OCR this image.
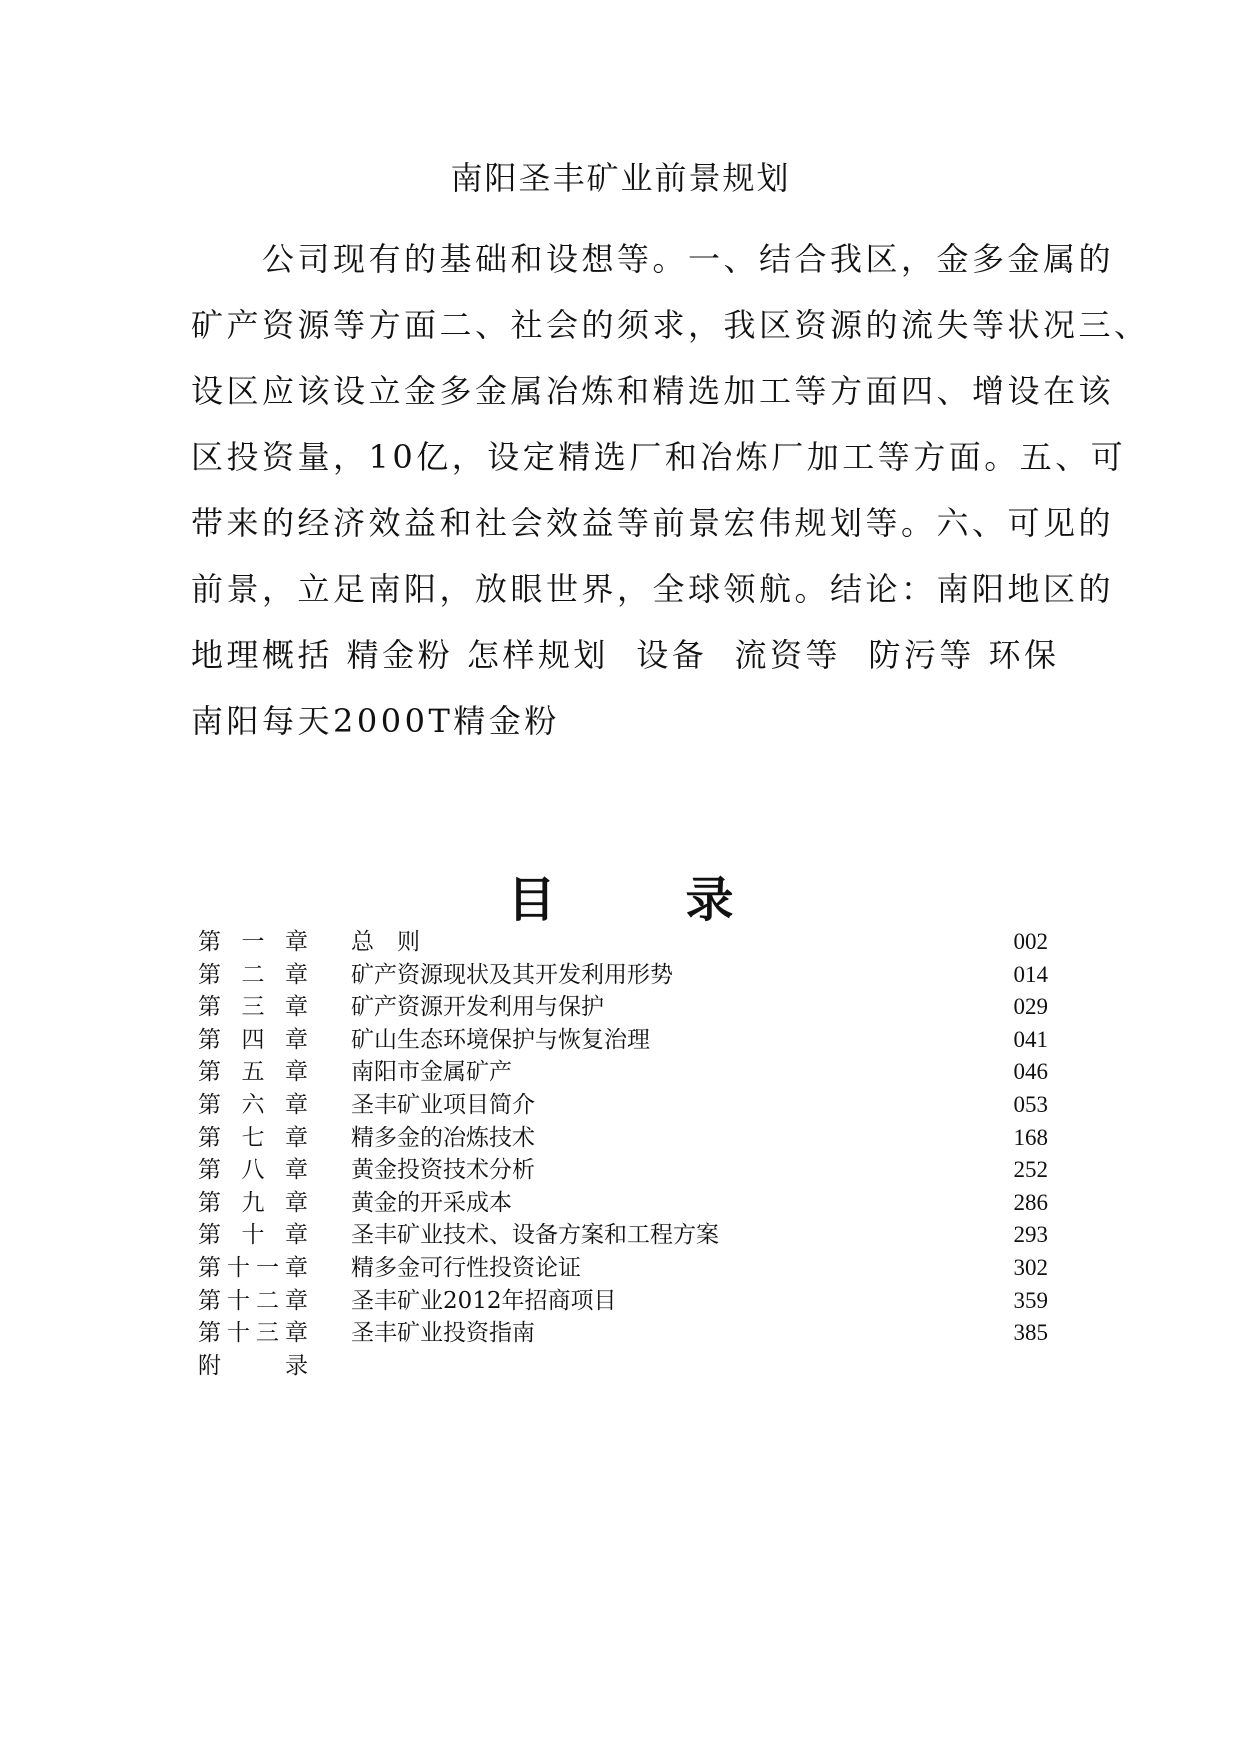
南阳圣丰矿业前景规划
　　公司现有的基础和设想等。一、结合我区，金多金属的
矿产资源等方面二、社会的须求，我区资源的流失等状况三、
设区应该设立金多金属冶炼和精选加工等方面四、增设在该
区投资量，10亿，设定精选厂和冶炼厂加工等方面。五、可
带来的经济效益和社会效益等前景宏伟规划等。六、可见的
前景，立足南阳，放眼世界，全球领航。结论：南阳地区的
地理概括 精金粉 怎样规划  设备  流资等  防污等 环保
南阳每天2000T精金粉
目	录
第一章 总　则	002
第二章 矿产资源现状及其开发利用形势	014
第三章 矿产资源开发利用与保护	029
第四章 矿山生态环境保护与恢复治理	041
第五章 南阳市金属矿产	046
第六章 圣丰矿业项目简介	053
第七章 精多金的冶炼技术	168
第八章 黄金投资技术分析	252
第九章 黄金的开采成本	286
第十章 圣丰矿业技术、设备方案和工程方案	293
第十一章 精多金可行性投资论证	302
第十二章 圣丰矿业2012年招商项目	359
第十三章 圣丰矿业投资指南	385
附录
